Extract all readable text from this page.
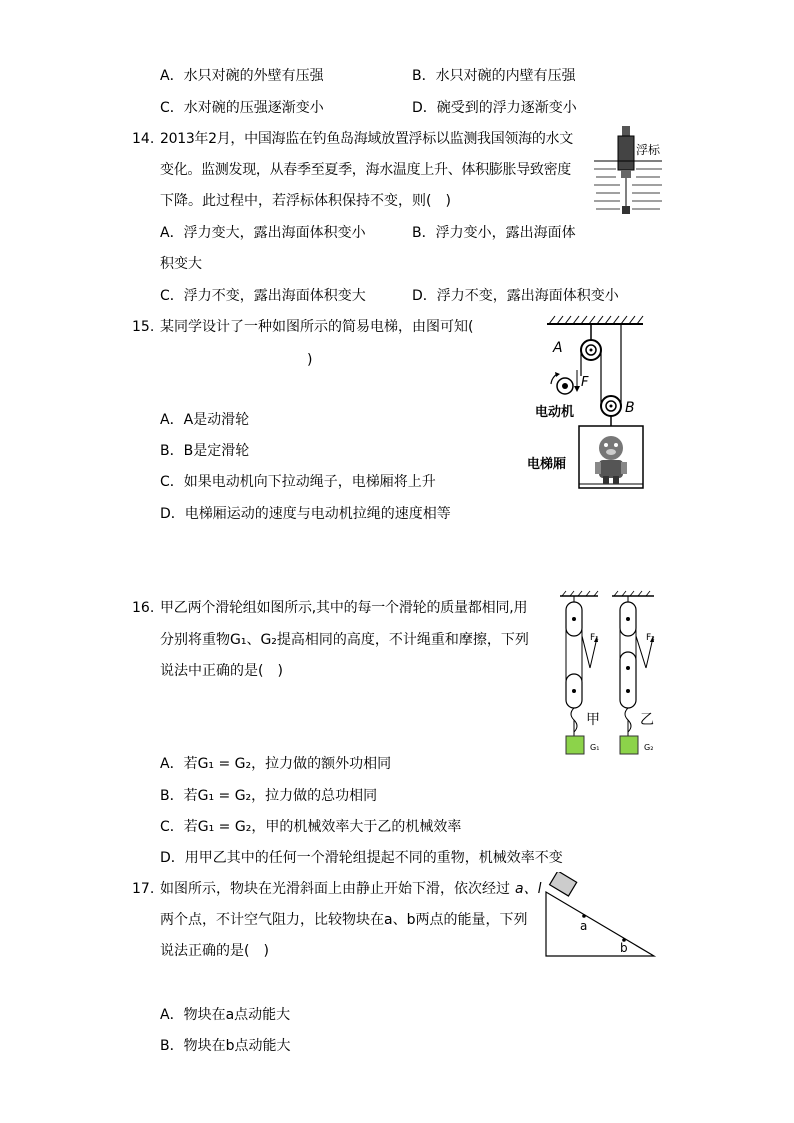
A．水只对碗的外壁有压强	B．水只对碗的内壁有压强
C．水对碗的压强逐渐变小	D．碗受到的浮力逐渐变小
14. 2013年2月，中国海监在钓鱼岛海域放置浮标以监测我国领海的水文
变化。监测发现，从春季至夏季，海水温度上升、体积膨胀导致密度
下降。此过程中，若浮标体积保持不变，则(　)
A．浮力变大，露出海面体积变小	B．浮力变小，露出海面体
积变大
C．浮力不变，露出海面体积变大	D．浮力不变，露出海面体积变小
浮标
15. 某同学设计了一种如图所示的简易电梯，由图可知(
)
A．A是动滑轮
B．B是定滑轮
C．如果电动机向下拉动绳子，电梯厢将上升
D．电梯厢运动的速度与电动机拉绳的速度相等
A
F
电动机	B
电梯厢
16. 甲乙两个滑轮组如图所示,其中的每一个滑轮的质量都相同,用
分别将重物G₁、G₂提高相同的高度，不计绳重和摩擦，下列
说法中正确的是(　)
A．若G₁ = G₂，拉力做的额外功相同
B．若G₁ = G₂，拉力做的总功相同
C．若G₁ = G₂，甲的机械效率大于乙的机械效率
D．用甲乙其中的任何一个滑轮组提起不同的重物，机械效率不变
F₁
G₁
甲
F₂
G₂
乙
17. 如图所示，物块在光滑斜面上由静止开始下滑，依次经过 a、l
两个点，不计空气阻力，比较物块在a、b两点的能量，下列
说法正确的是(　)
A．物块在a点动能大
B．物块在b点动能大
a
b
